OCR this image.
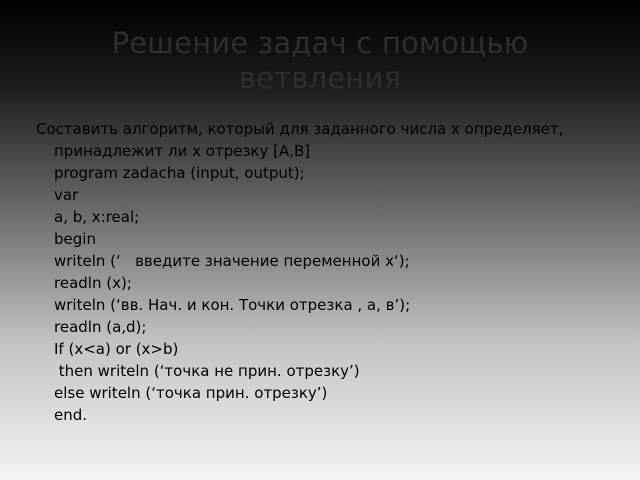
Решение задач с помощью
ветвления

Составить алгоритм, который для заданного числа х определяет, принадлежит ли х отрезку [A,B]

program zadacha (input, output);
var
a, b, x:real;
begin
writeln (‘   введите значение переменной х‘);
readln (x);
writeln (‘вв. Нач. и кон. Точки отрезка , а, в’);
readln (a,d);
If (x<a) or (x>b)
then writeln (‘точка не прин. отрезку’)
else writeln (‘точка прин. отрезку’)
end.
